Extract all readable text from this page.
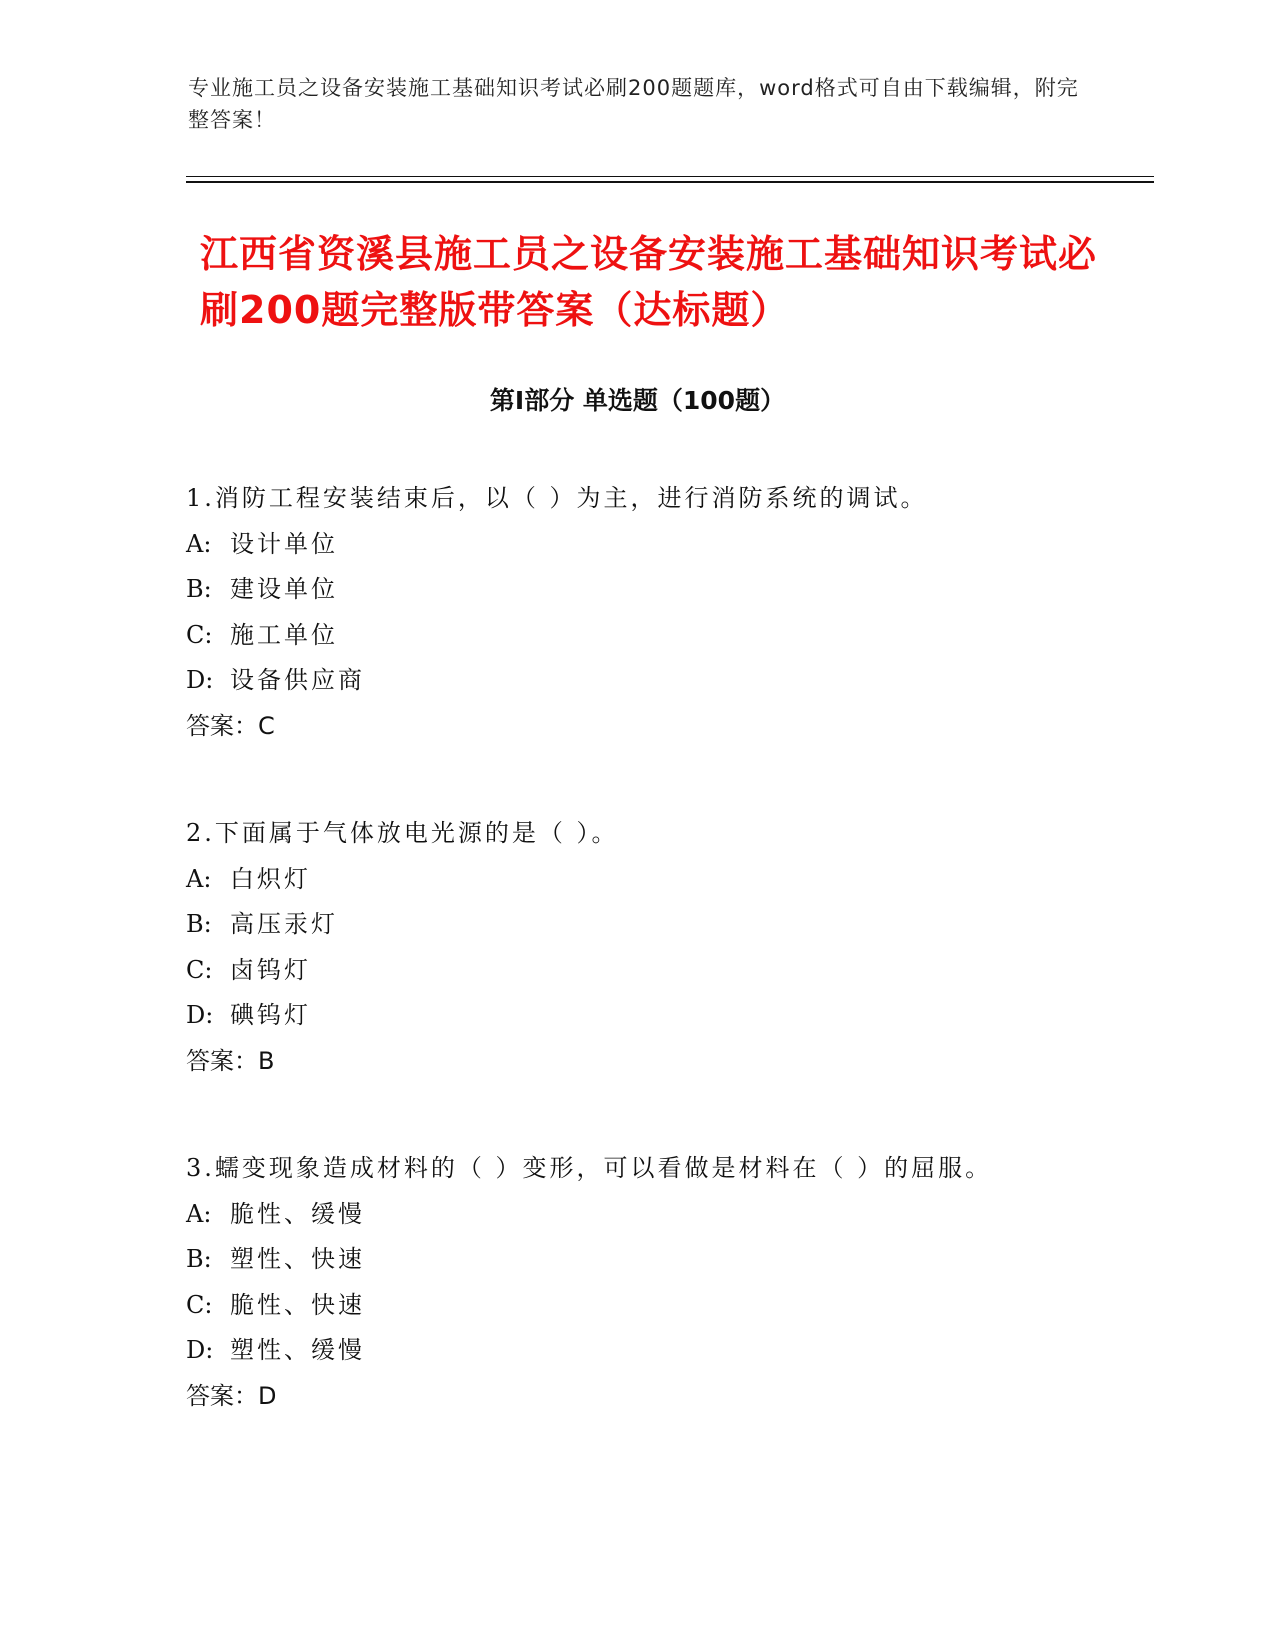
专业施工员之设备安装施工基础知识考试必刷200题题库，word格式可自由下载编辑，附完整答案！
江西省资溪县施工员之设备安装施工基础知识考试必刷200题完整版带答案（达标题）
第Ⅰ部分 单选题（100题）
1.消防工程安装结束后，以（ ）为主，进行消防系统的调试。
A: 设计单位
B: 建设单位
C: 施工单位
D: 设备供应商
答案：C
2.下面属于气体放电光源的是（ ）。
A: 白炽灯
B: 高压汞灯
C: 卤钨灯
D: 碘钨灯
答案：B
3.蠕变现象造成材料的（ ）变形，可以看做是材料在（ ）的屈服。
A: 脆性、缓慢
B: 塑性、快速
C: 脆性、快速
D: 塑性、缓慢
答案：D
